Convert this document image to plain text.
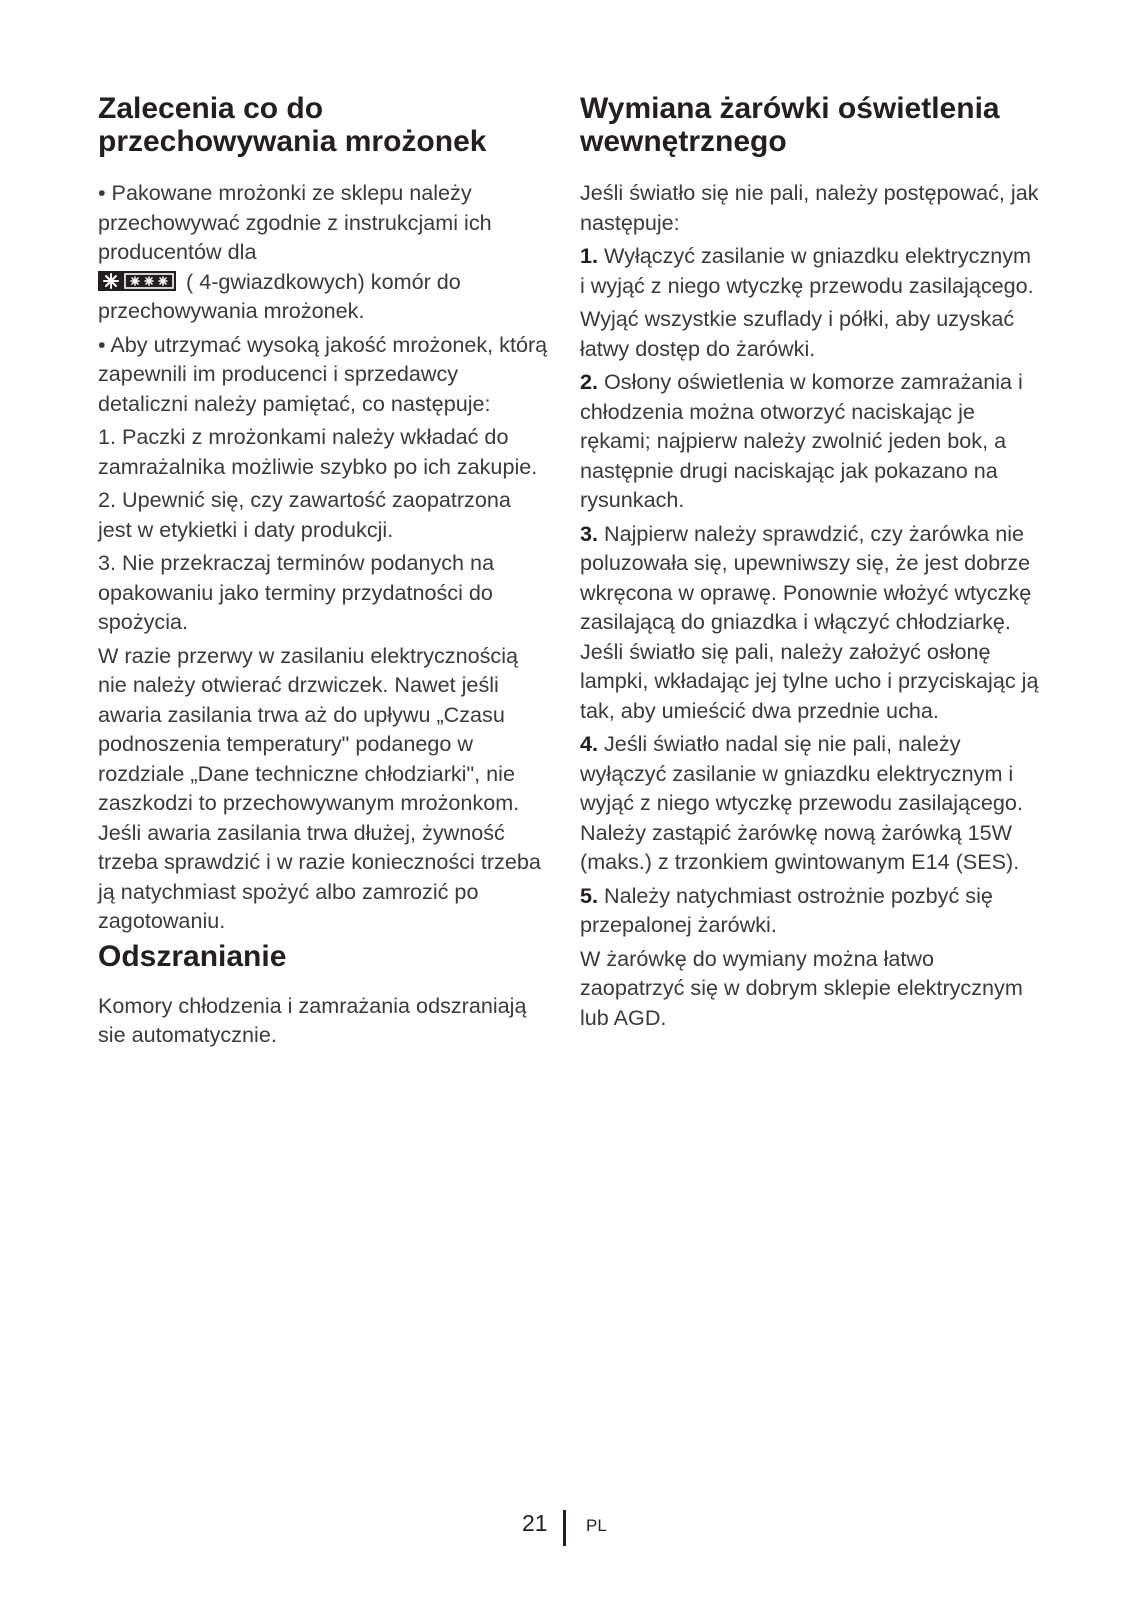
Zalecenia co do przechowywania mrożonek

• Pakowane mrożonki ze sklepu należy przechowywać zgodnie z instrukcjami ich producentów dla
( 4-gwiazdkowych) komór do przechowywania mrożonek.

• Aby utrzymać wysoką jakość mrożonek, którą zapewnili im producenci i sprzedawcy detaliczni należy pamiętać, co następuje:

1. Paczki z mrożonkami należy wkładać do zamrażalnika możliwie szybko po ich zakupie.

2. Upewnić się, czy zawartość zaopatrzona jest w etykietki i daty produkcji.

3. Nie przekraczaj terminów podanych na opakowaniu jako terminy przydatności do spożycia.

W razie przerwy w zasilaniu elektrycznością nie należy otwierać drzwiczek. Nawet jeśli awaria zasilania trwa aż do upływu „Czasu podnoszenia temperatury" podanego w rozdziale „Dane techniczne chłodziarki", nie zaszkodzi to przechowywanym mrożonkom. Jeśli awaria zasilania trwa dłużej, żywność trzeba sprawdzić i w razie konieczności trzeba ją natychmiast spożyć albo zamrozić po zagotowaniu.

Odszranianie

Komory chłodzenia i zamrażania odszraniają sie automatycznie.

Wymiana żarówki oświetlenia wewnętrznego

Jeśli światło się nie pali, należy postępować, jak następuje:

1. Wyłączyć zasilanie w gniazdku elektrycznym i wyjąć z niego wtyczkę przewodu zasilającego.

Wyjąć wszystkie szuflady i półki, aby uzyskać łatwy dostęp do żarówki.

2. Osłony oświetlenia w komorze zamrażania i chłodzenia można otworzyć naciskając je rękami; najpierw należy zwolnić jeden bok, a następnie drugi naciskając jak pokazano na rysunkach.

3. Najpierw należy sprawdzić, czy żarówka nie poluzowała się, upewniwszy się, że jest dobrze wkręcona w oprawę. Ponownie włożyć wtyczkę zasilającą do gniazdka i włączyć chłodziarkę. Jeśli światło się pali, należy założyć osłonę lampki, wkładając jej tylne ucho i przyciskając ją tak, aby umieścić dwa przednie ucha.

4. Jeśli światło nadal się nie pali, należy wyłączyć zasilanie w gniazdku elektrycznym i wyjąć z niego wtyczkę przewodu zasilającego. Należy zastąpić żarówkę nową żarówką 15W (maks.) z trzonkiem gwintowanym E14 (SES).

5. Należy natychmiast ostrożnie pozbyć się przepalonej żarówki.

W żarówkę do wymiany można łatwo zaopatrzyć się w dobrym sklepie elektrycznym lub AGD.

21 PL
